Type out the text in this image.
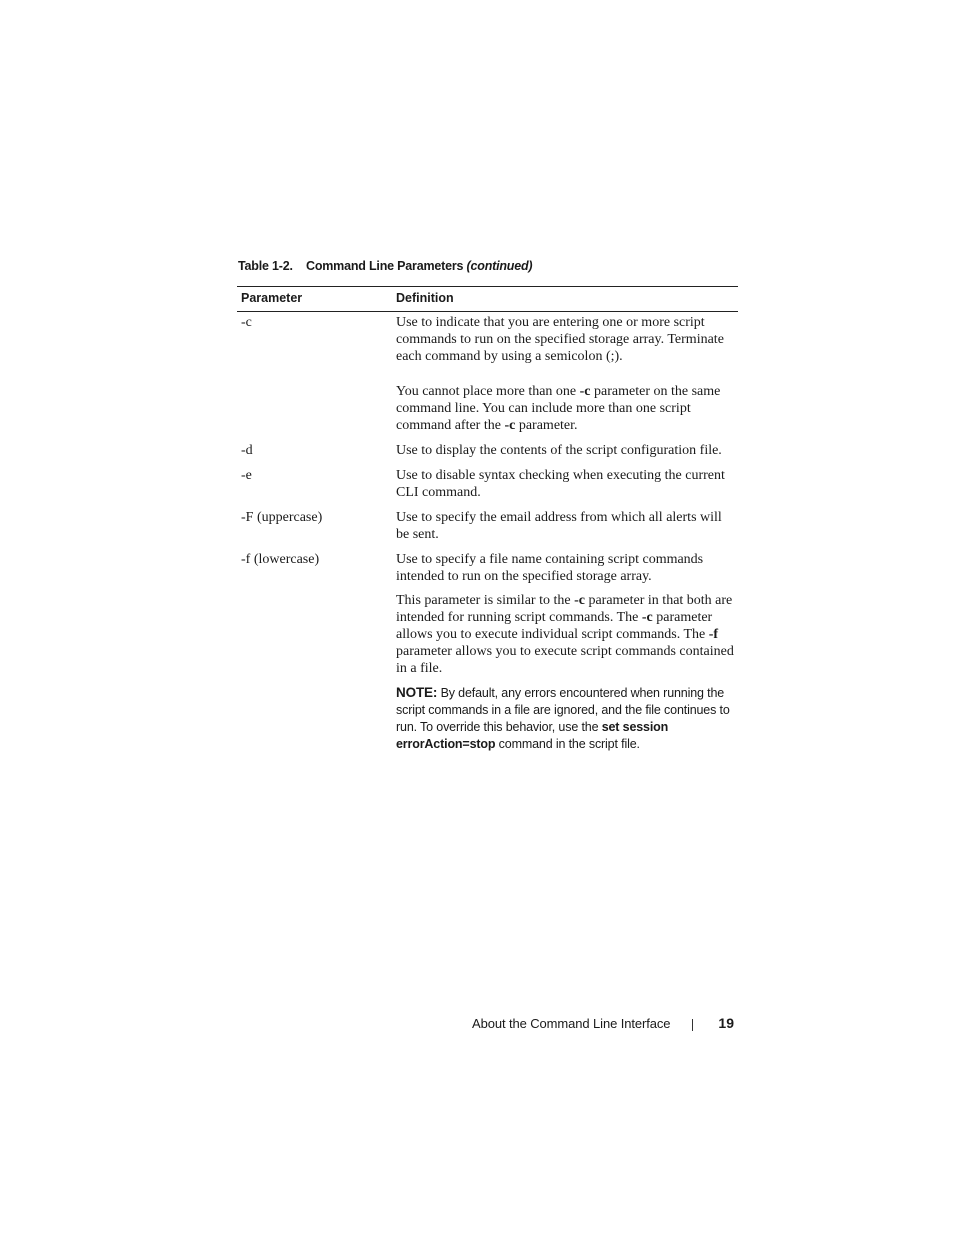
Table 1-2. Command Line Parameters (continued)
Parameter	Definition
-c	Use to indicate that you are entering one or more script commands to run on the specified storage array. Terminate each command by using a semicolon (;).

You cannot place more than one -c parameter on the same command line. You can include more than one script command after the -c parameter.

-d	Use to display the contents of the script configuration file.

-e	Use to disable syntax checking when executing the current CLI command.

-F (uppercase)	Use to specify the email address from which all alerts will be sent.

-f (lowercase)	Use to specify a file name containing script commands intended to run on the specified storage array.

This parameter is similar to the -c parameter in that both are intended for running script commands. The -c parameter allows you to execute individual script commands. The -f parameter allows you to execute script commands contained in a file.

NOTE: By default, any errors encountered when running the script commands in a file are ignored, and the file continues to run. To override this behavior, use the set session errorAction=stop command in the script file.

About the Command Line Interface	19
